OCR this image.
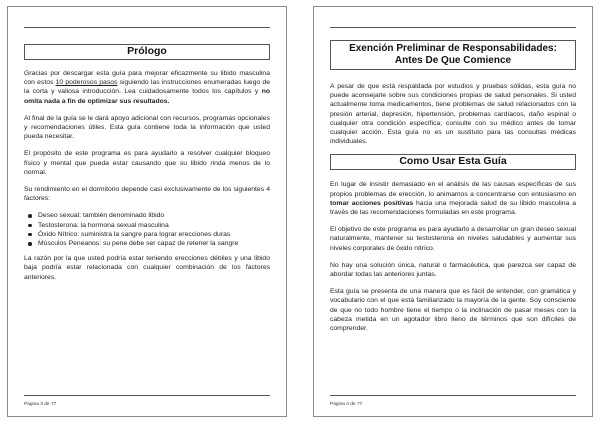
Prólogo

Gracias por descargar esta guía para mejorar eficazmente su libido masculina con estos 10 poderosos pasos siguiendo las instrucciones enumeradas luego de la corta y valiosa introducción. Lea cuidadosamente todos los capítulos y no omita nada a fin de optimizar sus resultados.

Al final de la guía se le dará apoyo adicional con recursos, programas opcionales y recomendaciones útiles. Esta guía contiene toda la información que usted pueda necesitar.

El propósito de este programa es para ayudarlo a resolver cualquier bloqueo físico y mental que pueda estar causando que su libido rinda menos de lo normal.

Su rendimiento en el dormitorio depende casi exclusivamente de los siguientes 4 factores:

Deseo sexual: también denominado libido
Testosterona: la hormona sexual masculina
Óxido Nítrico: suministra la sangre para lograr erecciones duras
Músculos Peneanos: su pene debe ser capaz de retener la sangre

La razón por la que usted podría estar teniendo erecciones débiles y una libido baja podría estar relacionada con cualquier combinación de los factores anteriores.

Página 3 de 77
Exención Preliminar de Responsabilidades:
Antes De Que Comience

A pesar de que está respaldada por estudios y pruebas sólidas, esta guía no puede aconsejarle sobre sus condiciones propias de salud personales. Si usted actualmente toma medicamentos, tiene problemas de salud relacionados con la presión arterial, depresión, hipertensión, problemas cardíacos, daño espinal o cualquier otra condición específica; consulte con su médico antes de tomar cualquier acción. Esta guía no es un sustituto para las consultas médicas individuales.

Como Usar Esta Guía

En lugar de insistir demasiado en el análisis de las causas específicas de sus propios problemas de erección, lo animamos a concentrarse con entusiasmo en tomar acciones positivas hacia una mejorada salud de su libido masculina a través de las recomendaciones formuladas en este programa.

El objetivo de este programa es para ayudarlo a desarrollar un gran deseo sexual naturalmente, mantener su testosterona en niveles saludables y aumentar sus niveles corporales de óxido nítrico.

No hay una solución única, natural o farmacéutica, que parezca ser capaz de abordar todas las anteriores juntas.

Esta guía se presenta de una manera que es fácil de entender, con gramática y vocabulario con el que está familiarizado la mayoría de la gente. Soy consciente de que no todo hombre tiene el tiempo o la inclinación de pasar meses con la cabeza metida en un agotador libro lleno de términos que son difíciles de comprender.

Página 4 de 77
